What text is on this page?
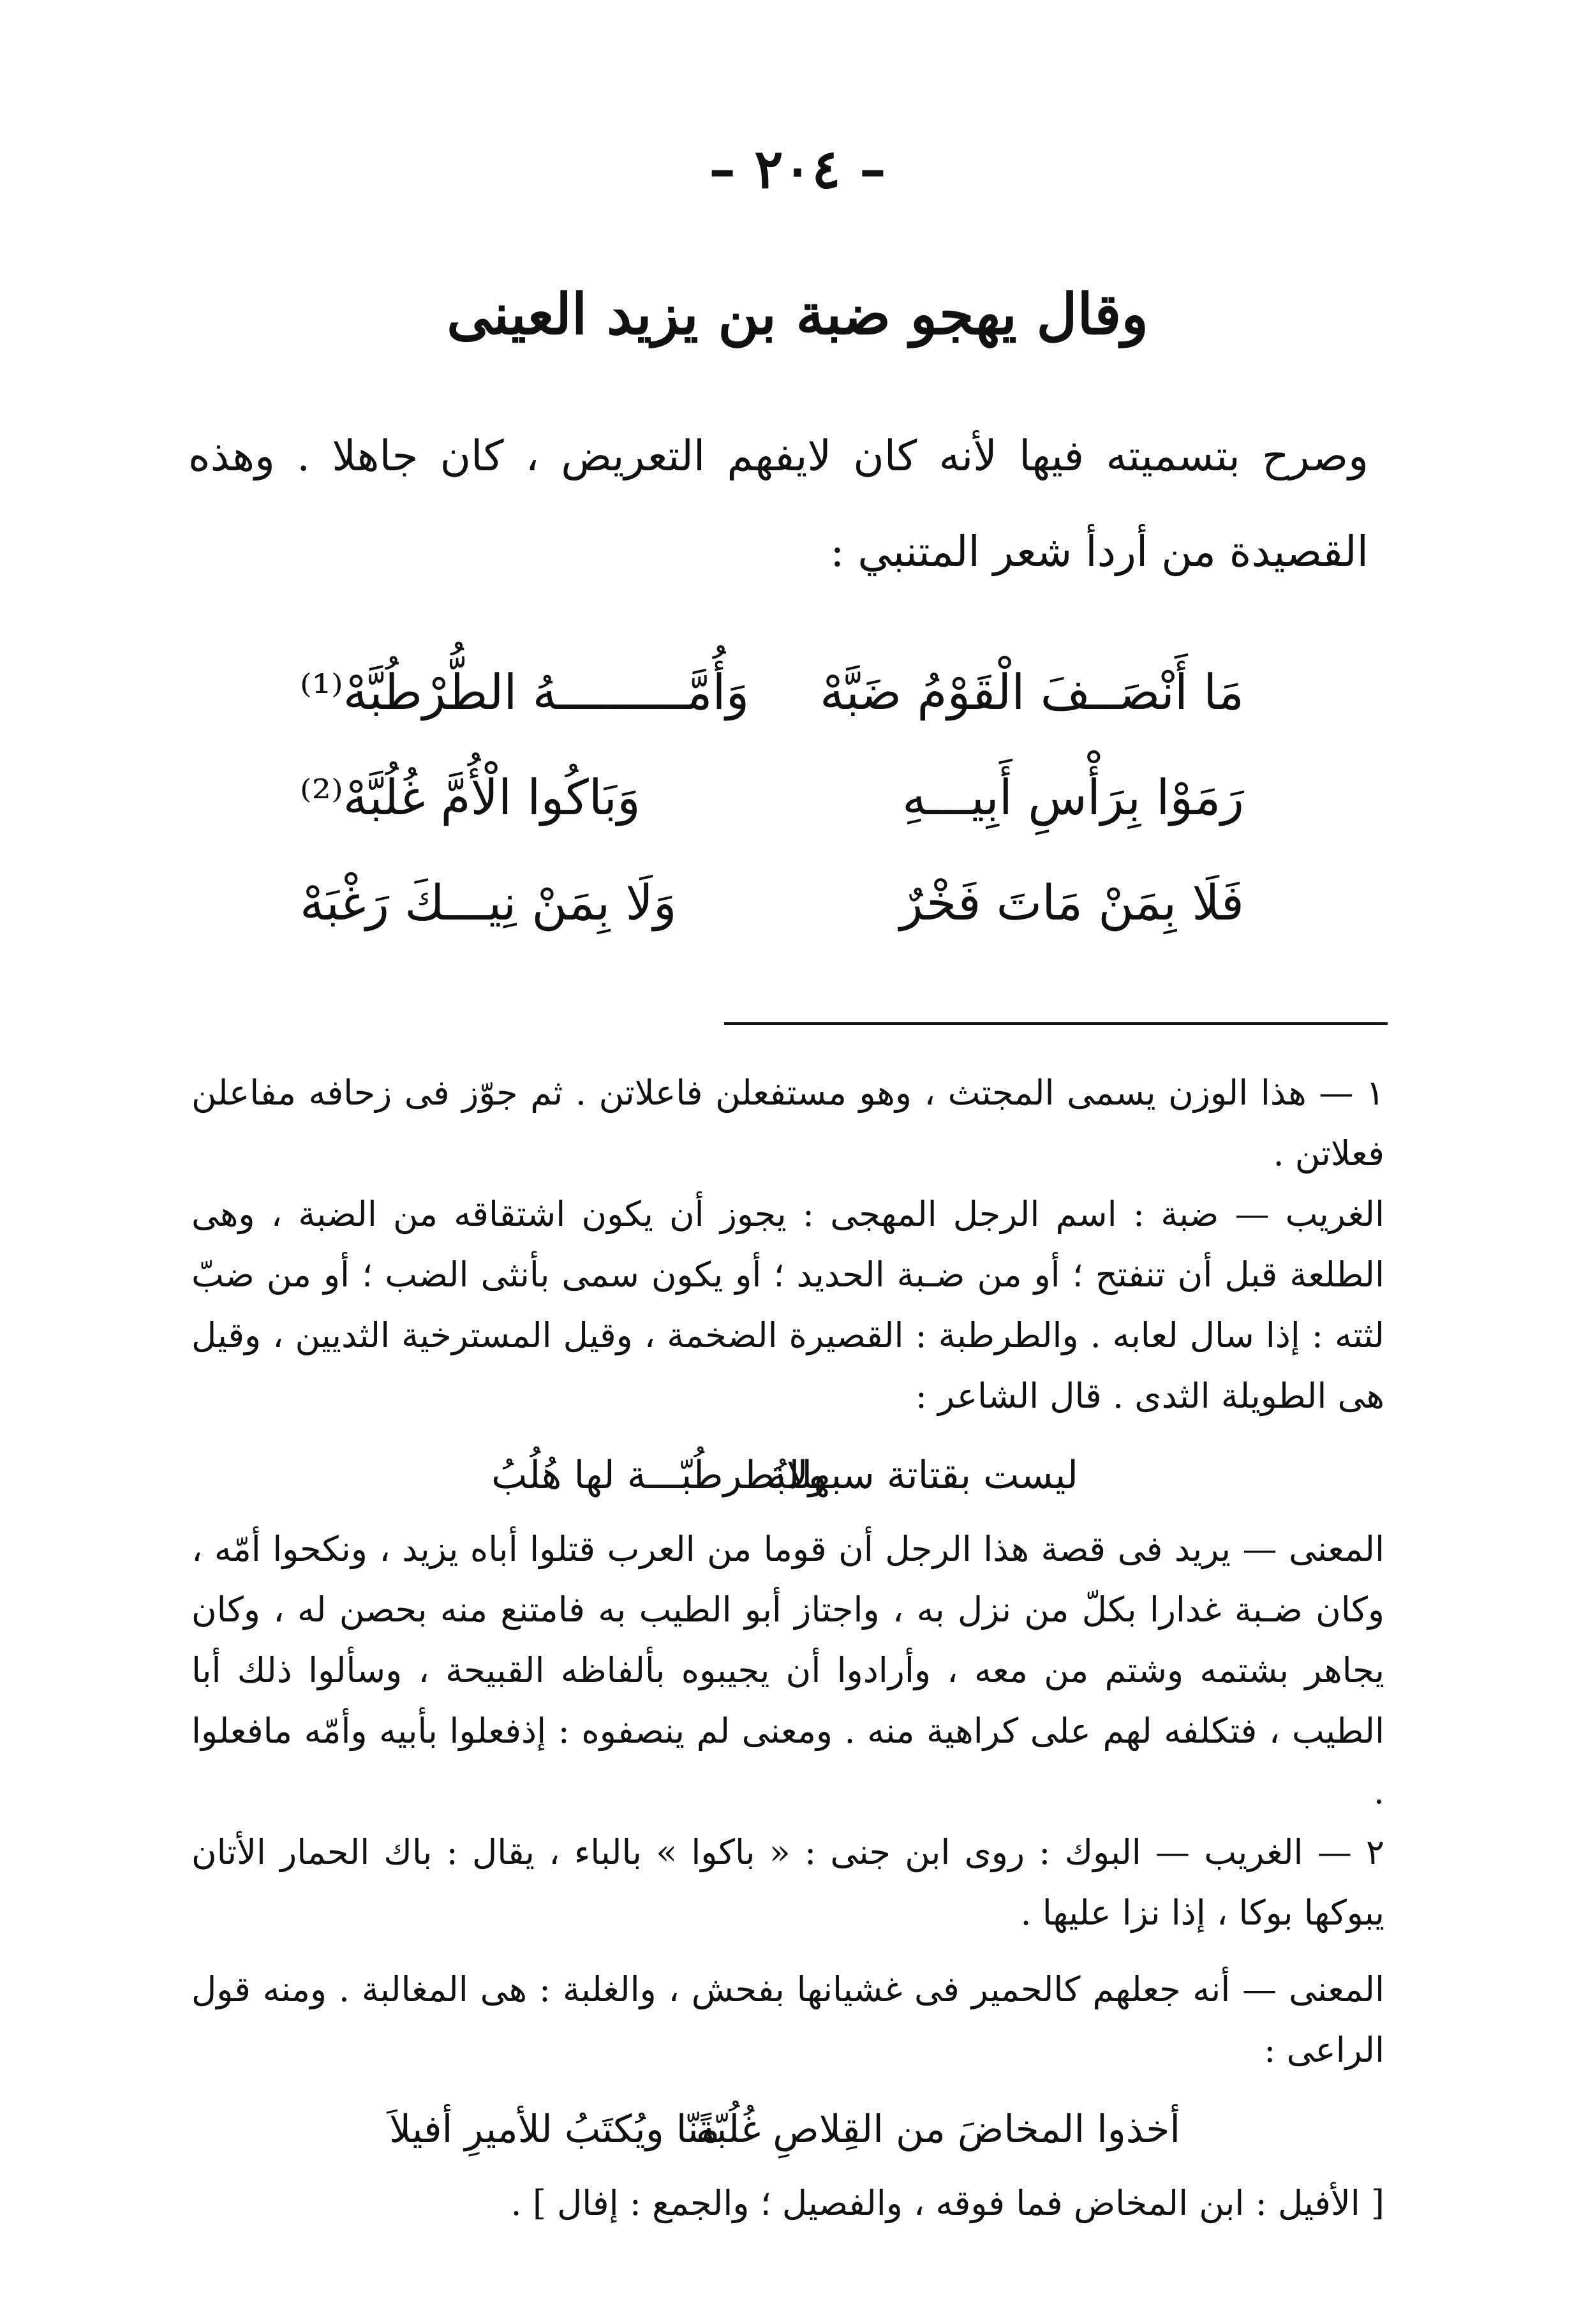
– ٢٠٤ –
وقال يهجو ضبة بن يزيد العينى
وصرح بتسميته فيها لأنه كان لايفهم التعريض ، كان جاهلا . وهذه القصيدة من أردأ شعر المتنبي :
مَا أَنْصَــفَ الْقَوْمُ ضَبَّهْ
وَأُمَّـــــــــهُ الطُّرْطُبَّهْ⁽¹⁾
رَمَوْا بِرَأْسِ أَبِيـــهِ
وَبَاكُوا الْأُمَّ غُلُبَّهْ⁽²⁾
فَلَا بِمَنْ مَاتَ فَخْرٌ
وَلَا بِمَنْ نِيـــكَ رَغْبَهْ

١ — هذا الوزن يسمى المجتث ، وهو مستفعلن فاعلاتن . ثم جوّز فى زحافه مفاعلن فعلاتن .

الغريب — ضبة : اسم الرجل المهجى : يجوز أن يكون اشتقاقه من الضبة ، وهى الطلعة قبل أن تنفتح ؛ أو من ضـبة الحديد ؛ أو يكون سمى بأنثى الضب ؛ أو من ضبّ لثته : إذا سال لعابه . والطرطبة : القصيرة الضخمة ، وقيل المسترخية الثديين ، وقيل هى الطويلة الثدى . قال الشاعر :

ليست بقتاتة سبهللة
ولابُطرطُبّـــة لها هُلُبُ

المعنى — يريد فى قصة هذا الرجل أن قوما من العرب قتلوا أباه يزيد ، ونكحوا أمّه ، وكان ضـبة غدارا بكلّ من نزل به ، واجتاز أبو الطيب به فامتنع منه بحصن له ، وكان يجاهر بشتمه وشتم من معه ، وأرادوا أن يجيبوه بألفاظه القبيحة ، وسألوا ذلك أبا الطيب ، فتكلفه لهم على كراهية منه . ومعنى لم ينصفوه : إذفعلوا بأبيه وأمّه مافعلوا .

٢ — الغريب — البوك : روى ابن جنى : « باكوا » بالباء ، يقال : باك الحمار الأتان يبوكها بوكا ، إذا نزا عليها .

المعنى — أنه جعلهم كالحمير فى غشيانها بفحش ، والغلبة : هى المغالبة . ومنه قول الراعى :

أخذوا المخاضَ من القِلاصِ غُلُبّةً
منّا ويُكتَبُ للأميرِ أفيلاَ

[ الأفيل : ابن المخاض فما فوقه ، والفصيل ؛ والجمع : إفال ] .
